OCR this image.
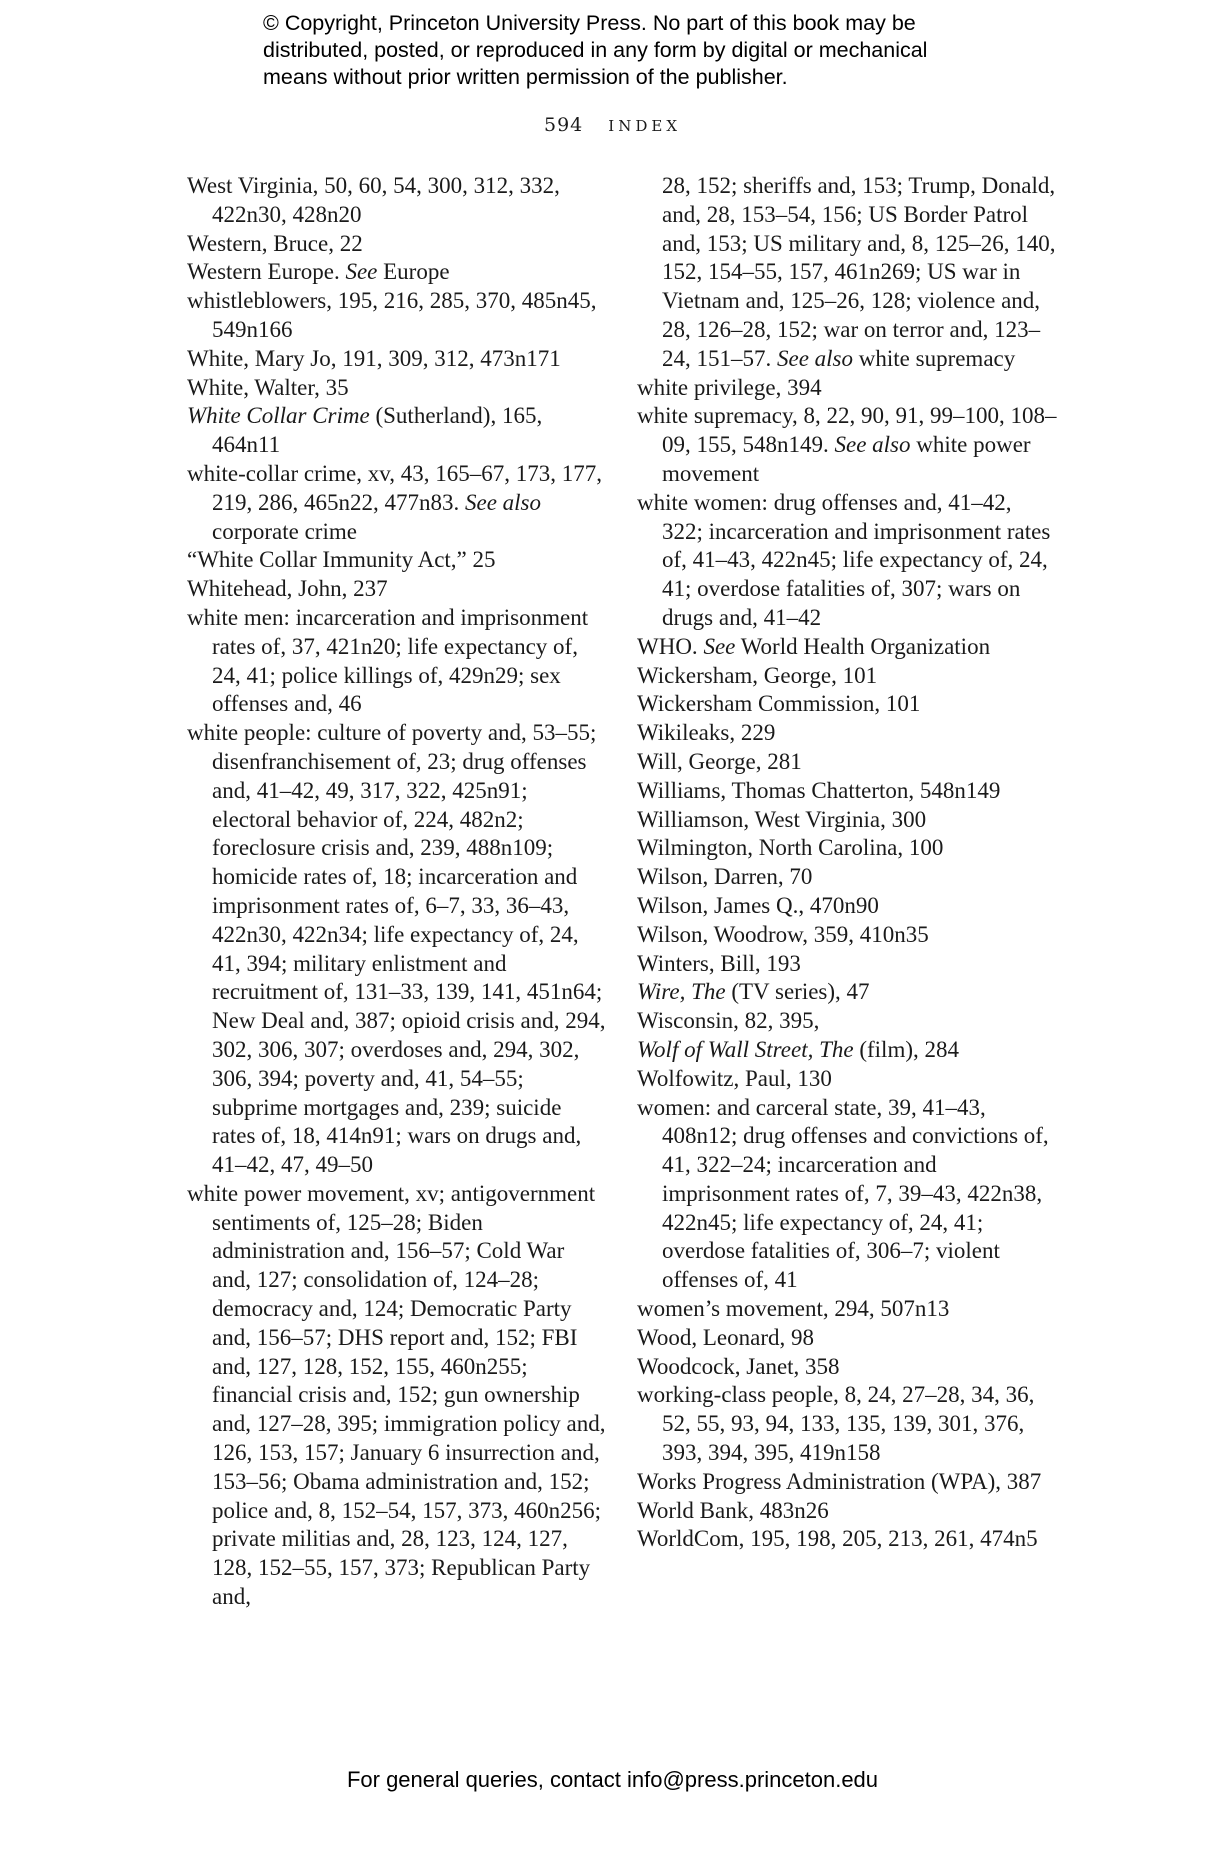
© Copyright, Princeton University Press. No part of this book may be distributed, posted, or reproduced in any form by digital or mechanical means without prior written permission of the publisher.

594 index

West Virginia, 50, 60, 54, 300, 312, 332, 422n30, 428n20

Western, Bruce, 22

Western Europe. See Europe

whistleblowers, 195, 216, 285, 370, 485n45, 549n166

White, Mary Jo, 191, 309, 312, 473n171

White, Walter, 35

White Collar Crime (Sutherland), 165, 464n11

white-collar crime, xv, 43, 165–67, 173, 177, 219, 286, 465n22, 477n83. See also corporate crime

“White Collar Immunity Act,” 25

Whitehead, John, 237

white men: incarceration and imprisonment rates of, 37, 421n20; life expectancy of, 24, 41; police killings of, 429n29; sex offenses and, 46

white people: culture of poverty and, 53–55; disenfranchisement of, 23; drug offenses and, 41–42, 49, 317, 322, 425n91; electoral behavior of, 224, 482n2; foreclosure crisis and, 239, 488n109; homicide rates of, 18; incarceration and imprisonment rates of, 6–7, 33, 36–43, 422n30, 422n34; life expectancy of, 24, 41, 394; military enlistment and recruitment of, 131–33, 139, 141, 451n64; New Deal and, 387; opioid crisis and, 294, 302, 306, 307; overdoses and, 294, 302, 306, 394; poverty and, 41, 54–55; subprime mortgages and, 239; suicide rates of, 18, 414n91; wars on drugs and, 41–42, 47, 49–50

white power movement, xv; antigovernment sentiments of, 125–28; Biden administration and, 156–57; Cold War and, 127; consolidation of, 124–28; democracy and, 124; Democratic Party and, 156–57; DHS report and, 152; FBI and, 127, 128, 152, 155, 460n255; financial crisis and, 152; gun ownership and, 127–28, 395; immigration policy and, 126, 153, 157; January 6 insurrection and, 153–56; Obama administration and, 152; police and, 8, 152–54, 157, 373, 460n256; private militias and, 28, 123, 124, 127, 128, 152–55, 157, 373; Republican Party and,

28, 152; sheriffs and, 153; Trump, Donald, and, 28, 153–54, 156; US Border Patrol and, 153; US military and, 8, 125–26, 140, 152, 154–55, 157, 461n269; US war in Vietnam and, 125–26, 128; violence and, 28, 126–28, 152; war on terror and, 123–24, 151–57. See also white supremacy

white privilege, 394

white supremacy, 8, 22, 90, 91, 99–100, 108–09, 155, 548n149. See also white power movement

white women: drug offenses and, 41–42, 322; incarceration and imprisonment rates of, 41–43, 422n45; life expectancy of, 24, 41; overdose fatalities of, 307; wars on drugs and, 41–42

WHO. See World Health Organization

Wickersham, George, 101

Wickersham Commission, 101

Wikileaks, 229

Will, George, 281

Williams, Thomas Chatterton, 548n149

Williamson, West Virginia, 300

Wilmington, North Carolina, 100

Wilson, Darren, 70

Wilson, James Q., 470n90

Wilson, Woodrow, 359, 410n35

Winters, Bill, 193

Wire, The (TV series), 47

Wisconsin, 82, 395,

Wolf of Wall Street, The (film), 284

Wolfowitz, Paul, 130

women: and carceral state, 39, 41–43, 408n12; drug offenses and convictions of, 41, 322–24; incarceration and imprisonment rates of, 7, 39–43, 422n38, 422n45; life expectancy of, 24, 41; overdose fatalities of, 306–7; violent offenses of, 41

women’s movement, 294, 507n13

Wood, Leonard, 98

Woodcock, Janet, 358

working-class people, 8, 24, 27–28, 34, 36, 52, 55, 93, 94, 133, 135, 139, 301, 376, 393, 394, 395, 419n158

Works Progress Administration (WPA), 387

World Bank, 483n26

WorldCom, 195, 198, 205, 213, 261, 474n5

For general queries, contact info@press.princeton.edu
